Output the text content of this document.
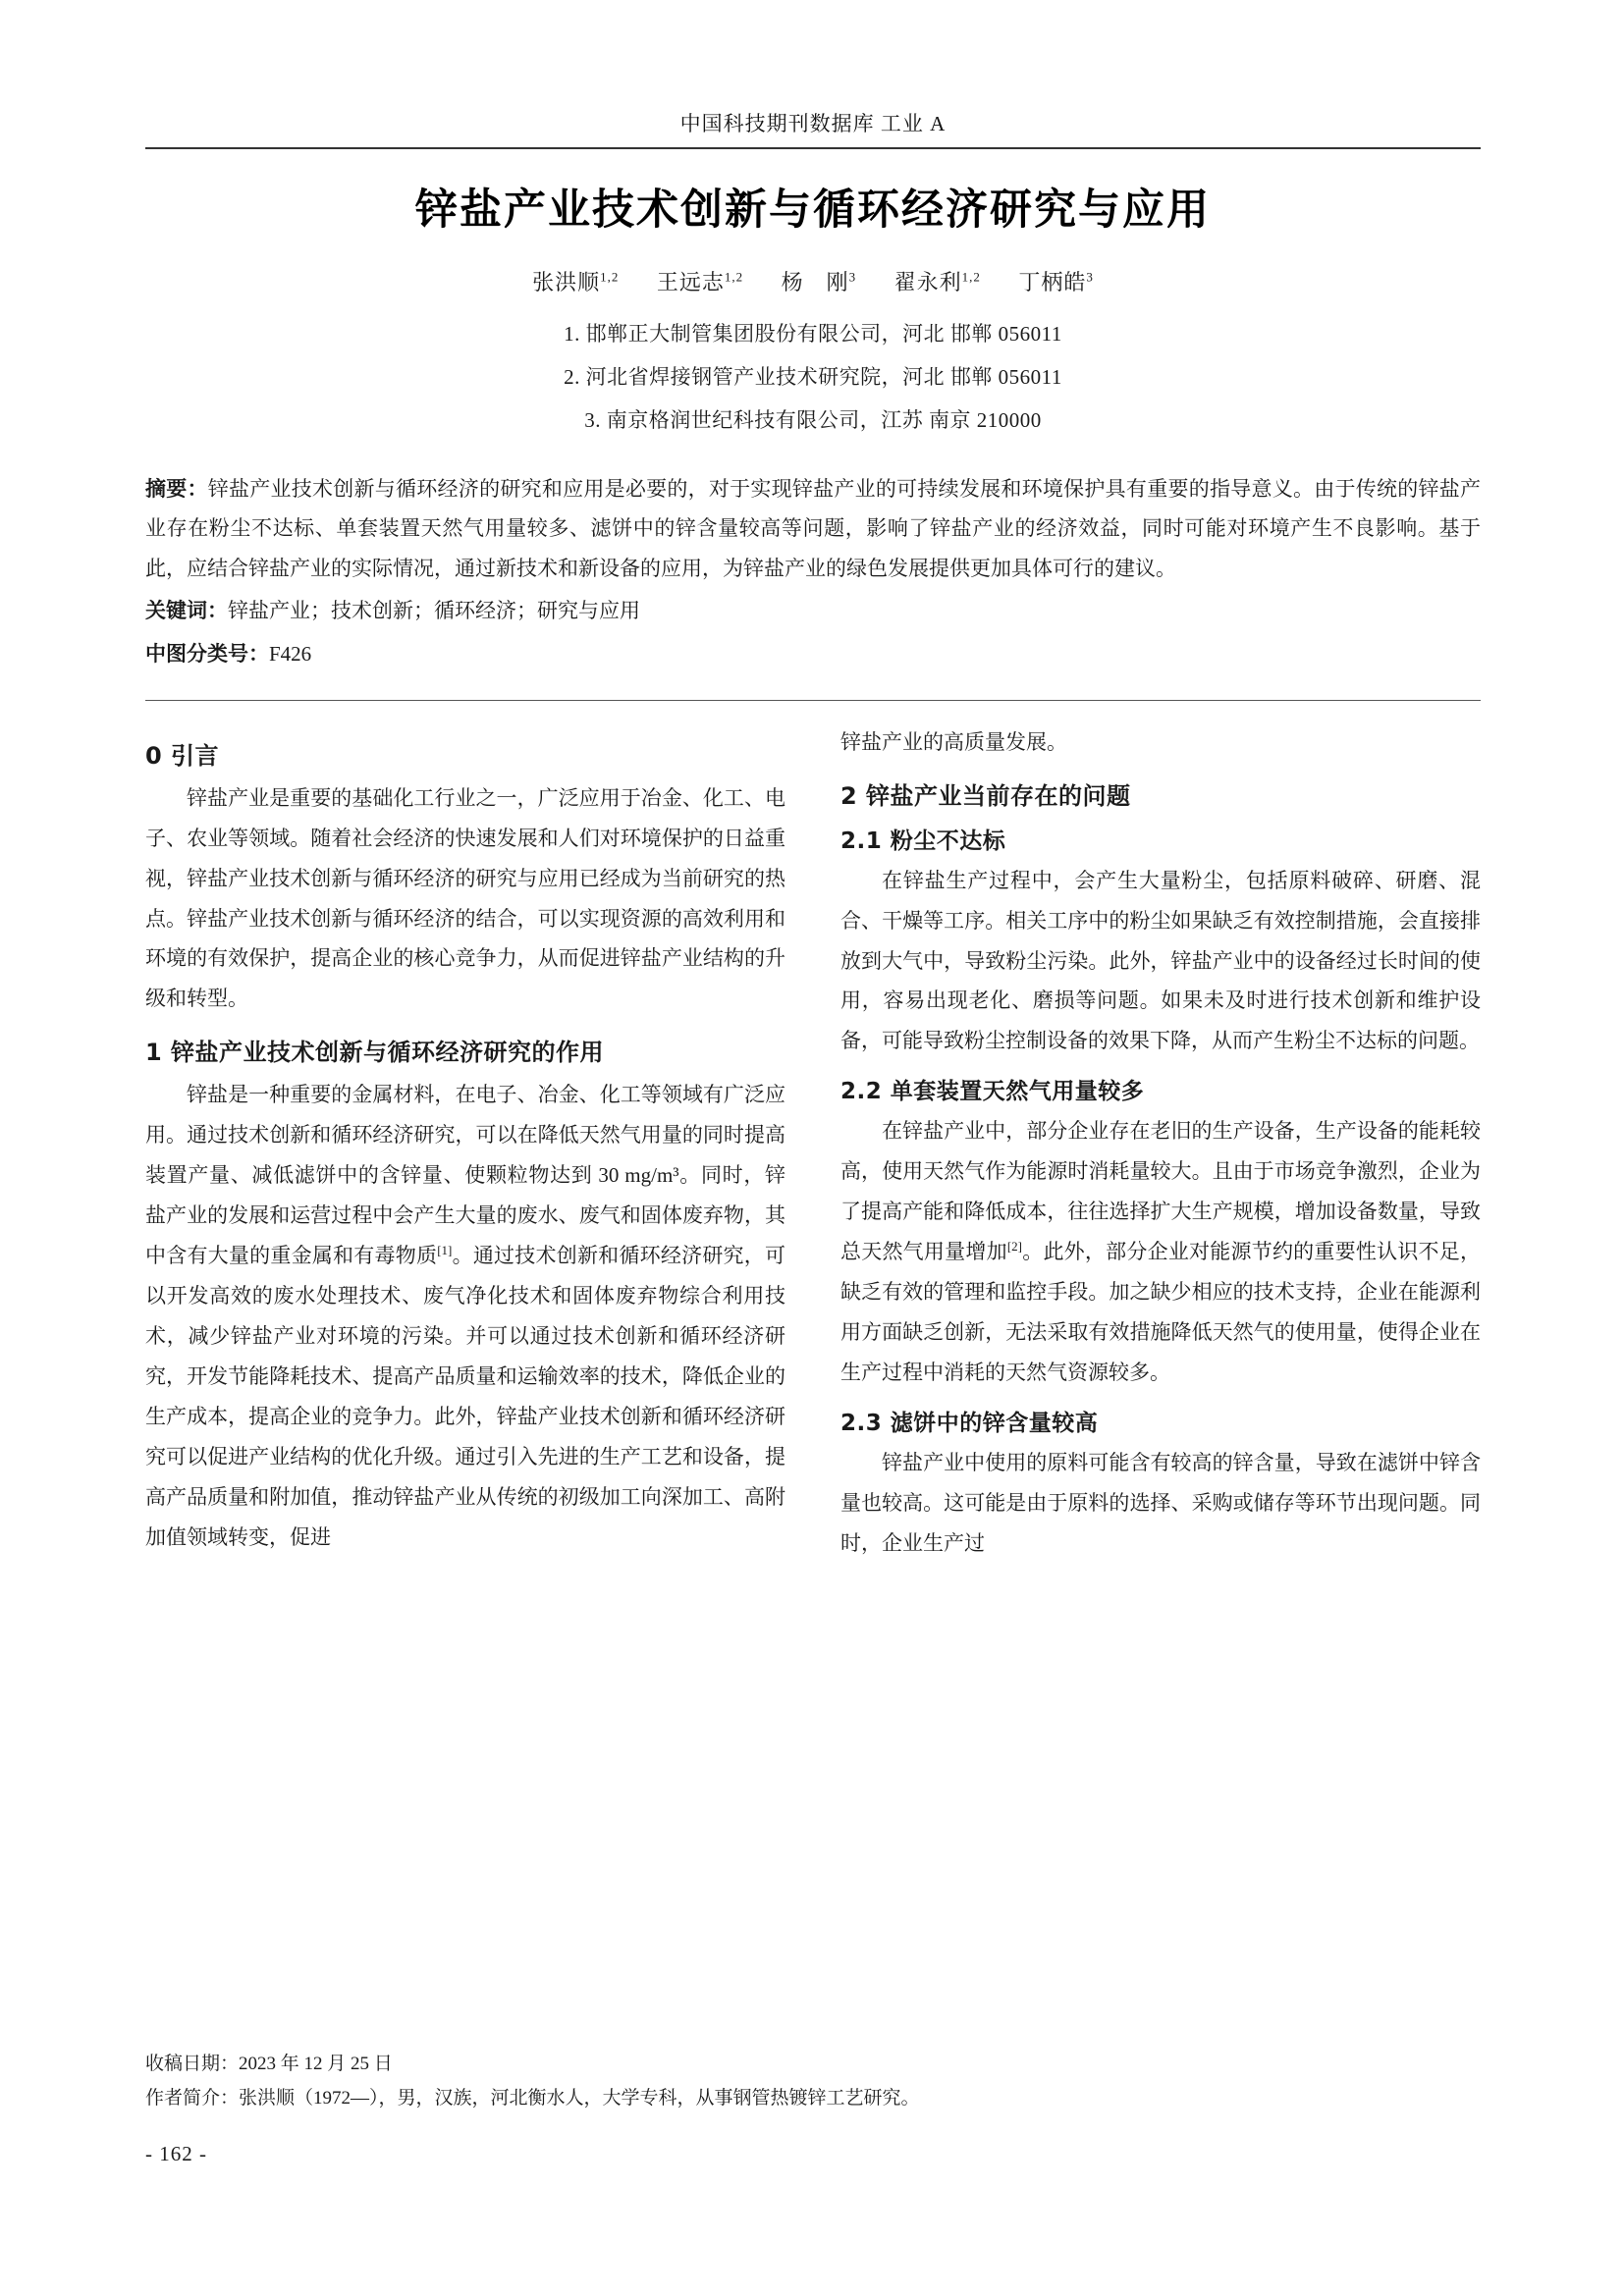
中国科技期刊数据库 工业 A
锌盐产业技术创新与循环经济研究与应用
张洪顺$^{1,2}$ 王远志$^{1,2}$ 杨　刚$^3$ 翟永利$^{1,2}$ 丁柄皓$^3$
1. 邯郸正大制管集团股份有限公司，河北 邯郸 056011
2. 河北省焊接钢管产业技术研究院，河北 邯郸 056011
3. 南京格润世纪科技有限公司，江苏 南京 210000
摘要：锌盐产业技术创新与循环经济的研究和应用是必要的，对于实现锌盐产业的可持续发展和环境保护具有重要的指导意义。由于传统的锌盐产业存在粉尘不达标、单套装置天然气用量较多、滤饼中的锌含量较高等问题，影响了锌盐产业的经济效益，同时可能对环境产生不良影响。基于此，应结合锌盐产业的实际情况，通过新技术和新设备的应用，为锌盐产业的绿色发展提供更加具体可行的建议。
关键词：锌盐产业；技术创新；循环经济；研究与应用
中图分类号：F426
0 引言

锌盐产业是重要的基础化工行业之一，广泛应用于冶金、化工、电子、农业等领域。随着社会经济的快速发展和人们对环境保护的日益重视，锌盐产业技术创新与循环经济的研究与应用已经成为当前研究的热点。锌盐产业技术创新与循环经济的结合，可以实现资源的高效利用和环境的有效保护，提高企业的核心竞争力，从而促进锌盐产业结构的升级和转型。

1 锌盐产业技术创新与循环经济研究的作用

锌盐是一种重要的金属材料，在电子、冶金、化工等领域有广泛应用。通过技术创新和循环经济研究，可以在降低天然气用量的同时提高装置产量、减低滤饼中的含锌量、使颗粒物达到 30 mg/m³。同时，锌盐产业的发展和运营过程中会产生大量的废水、废气和固体废弃物，其中含有大量的重金属和有毒物质[1]。通过技术创新和循环经济研究，可以开发高效的废水处理技术、废气净化技术和固体废弃物综合利用技术，减少锌盐产业对环境的污染。并可以通过技术创新和循环经济研究，开发节能降耗技术、提高产品质量和运输效率的技术，降低企业的生产成本，提高企业的竞争力。此外，锌盐产业技术创新和循环经济研究可以促进产业结构的优化升级。通过引入先进的生产工艺和设备，提高产品质量和附加值，推动锌盐产业从传统的初级加工向深加工、高附加值领域转变，促进

锌盐产业的高质量发展。

2 锌盐产业当前存在的问题
2.1 粉尘不达标

在锌盐生产过程中，会产生大量粉尘，包括原料破碎、研磨、混合、干燥等工序。相关工序中的粉尘如果缺乏有效控制措施，会直接排放到大气中，导致粉尘污染。此外，锌盐产业中的设备经过长时间的使用，容易出现老化、磨损等问题。如果未及时进行技术创新和维护设备，可能导致粉尘控制设备的效果下降，从而产生粉尘不达标的问题。

2.2 单套装置天然气用量较多

在锌盐产业中，部分企业存在老旧的生产设备，生产设备的能耗较高，使用天然气作为能源时消耗量较大。且由于市场竞争激烈，企业为了提高产能和降低成本，往往选择扩大生产规模，增加设备数量，导致总天然气用量增加[2]。此外，部分企业对能源节约的重要性认识不足，缺乏有效的管理和监控手段。加之缺少相应的技术支持，企业在能源利用方面缺乏创新，无法采取有效措施降低天然气的使用量，使得企业在生产过程中消耗的天然气资源较多。

2.3 滤饼中的锌含量较高

锌盐产业中使用的原料可能含有较高的锌含量，导致在滤饼中锌含量也较高。这可能是由于原料的选择、采购或储存等环节出现问题。同时，企业生产过

收稿日期：2023 年 12 月 25 日
作者简介：张洪顺（1972—），男，汉族，河北衡水人，大学专科，从事钢管热镀锌工艺研究。
- 162 -
